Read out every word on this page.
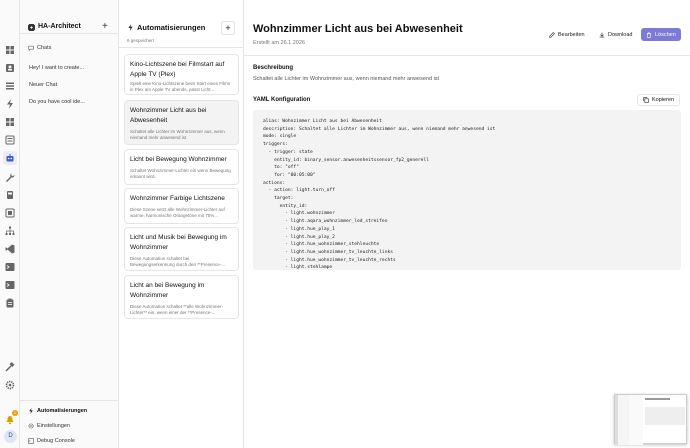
1
D
HA-Architect +
Chats
Hey! I want to create...
Neuer Chat
Do you have cool ide...
Automatisierungen
Einstellungen
Debug Console
Automatisierungen
6 gespeichert
+
Kino-Lichtszene bei Filmstart auf Apple TV (Plex)
Spielt eine Kino-Lichtszene beim Start eines Films in Plex am Apple TV abends, passt Licht...
Wohnzimmer Licht aus bei Abwesenheit
Schaltet alle Lichter im Wohnzimmer aus, wenn niemand mehr anwesend ist
Licht bei Bewegung Wohnzimmer
Schaltet Wohnzimmer-Lichter ein wenn Bewegung erkannt wird.
Wohnzimmer Farbige Lichtszene
Diese Szene setzt alle Wohnzimmer-Lichter auf warme, harmonische Orangetöne mit 75%...
Licht und Musik bei Bewegung im Wohnzimmer
Diese Automation schaltet bei Bewegungserkennung durch den **Presence-...
Licht an bei Bewegung im Wohnzimmer
Diese Automation schaltet **alle Wohnzimmer-Lichter** ein, wenn einer der **Presence-...
Wohnzimmer Licht aus bei Abwesenheit
Erstellt am 26.1.2026
Bearbeiten	Download	Löschen
Beschreibung
Schaltet alle Lichter im Wohnzimmer aus, wenn niemand mehr anwesend ist
YAML Konfiguration	Kopieren
alias: Wohnzimmer Licht aus bei Abwesenheit
description: Schaltet alle Lichter im Wohnzimmer aus, wenn niemand mehr anwesend ist
mode: single
triggers:
- trigger: state
entity_id: binary_sensor.anwesenheitssensor_fp2_generell
to: "off"
for: "00:05:00"
actions:
- action: light.turn_off
target:
entity_id:
- light.wohnzimmer
- light.aqara_wohnzimmer_led_streifen
- light.hue_play_1
- light.hue_play_2
- light.hue_wohnzimmer_stehleuchte
- light.hue_wohnzimmer_tv_leuchte_links
- light.hue_wohnzimmer_tv_leuchte_rechts
- light.stehlampe
